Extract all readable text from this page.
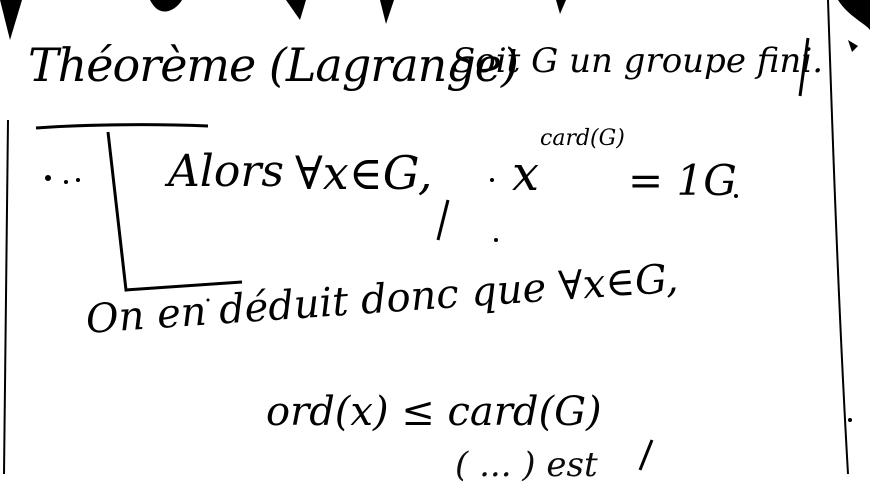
Théorème (Lagrange)
Soit G un groupe fini.
Alors ∀x∈G, x
card(G)
= 1G
On en déduit donc que ∀x∈G,
ord(x) ≤ card(G)
( ... ) est
